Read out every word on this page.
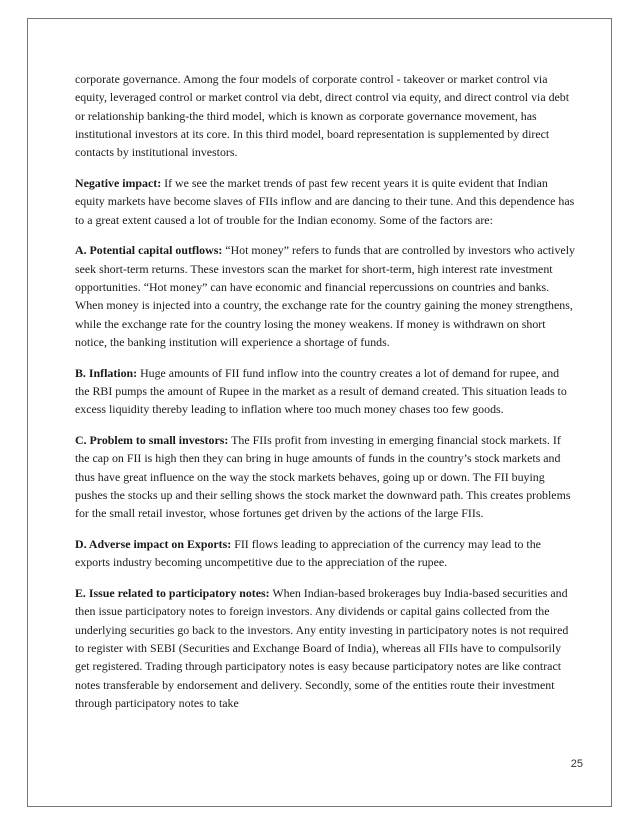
corporate governance. Among the four models of corporate control - takeover or market control via equity, leveraged control or market control via debt, direct control via equity, and direct control via debt or relationship banking-the third model, which is known as corporate governance movement, has institutional investors at its core. In this third model, board representation is supplemented by direct contacts by institutional investors.

Negative impact: If we see the market trends of past few recent years it is quite evident that Indian equity markets have become slaves of FIIs inflow and are dancing to their tune. And this dependence has to a great extent caused a lot of trouble for the Indian economy. Some of the factors are:

A. Potential capital outflows: “Hot money” refers to funds that are controlled by investors who actively seek short-term returns. These investors scan the market for short-term, high interest rate investment opportunities. “Hot money” can have economic and financial repercussions on countries and banks. When money is injected into a country, the exchange rate for the country gaining the money strengthens, while the exchange rate for the country losing the money weakens. If money is withdrawn on short notice, the banking institution will experience a shortage of funds.

B. Inflation: Huge amounts of FII fund inflow into the country creates a lot of demand for rupee, and the RBI pumps the amount of Rupee in the market as a result of demand created. This situation leads to excess liquidity thereby leading to inflation where too much money chases too few goods.

C. Problem to small investors: The FIIs profit from investing in emerging financial stock markets. If the cap on FII is high then they can bring in huge amounts of funds in the country’s stock markets and thus have great influence on the way the stock markets behaves, going up or down. The FII buying pushes the stocks up and their selling shows the stock market the downward path. This creates problems for the small retail investor, whose fortunes get driven by the actions of the large FIIs.

D. Adverse impact on Exports: FII flows leading to appreciation of the currency may lead to the exports industry becoming uncompetitive due to the appreciation of the rupee.

E. Issue related to participatory notes: When Indian-based brokerages buy India-based securities and then issue participatory notes to foreign investors. Any dividends or capital gains collected from the underlying securities go back to the investors. Any entity investing in participatory notes is not required to register with SEBI (Securities and Exchange Board of India), whereas all FIIs have to compulsorily get registered. Trading through participatory notes is easy because participatory notes are like contract notes transferable by endorsement and delivery. Secondly, some of the entities route their investment through participatory notes to take

25
